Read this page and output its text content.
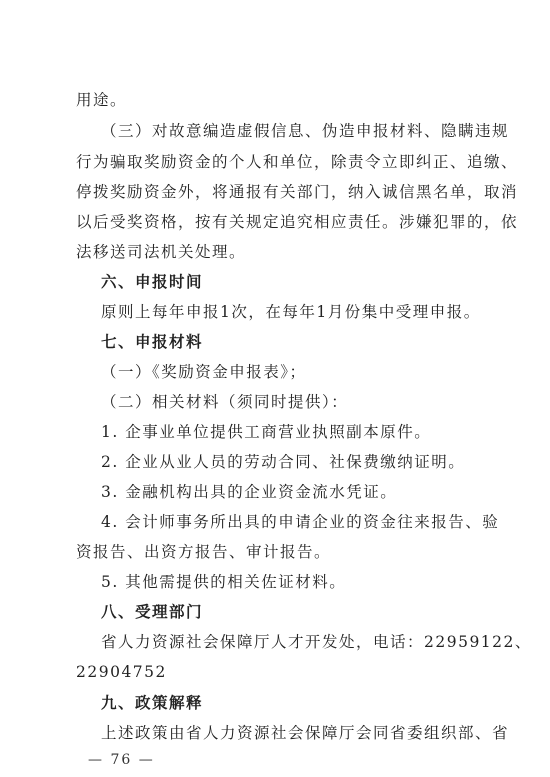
用途。
（三）对故意编造虚假信息、伪造申报材料、隐瞒违规
行为骗取奖励资金的个人和单位，除责令立即纠正、追缴、
停拨奖励资金外，将通报有关部门，纳入诚信黑名单，取消
以后受奖资格，按有关规定追究相应责任。涉嫌犯罪的，依
法移送司法机关处理。
六、申报时间
原则上每年申报1次，在每年1月份集中受理申报。
七、申报材料
（一）《奖励资金申报表》；
（二）相关材料（须同时提供）：
1. 企事业单位提供工商营业执照副本原件。
2. 企业从业人员的劳动合同、社保费缴纳证明。
3. 金融机构出具的企业资金流水凭证。
4. 会计师事务所出具的申请企业的资金往来报告、验
资报告、出资方报告、审计报告。
5. 其他需提供的相关佐证材料。
八、受理部门
省人力资源社会保障厅人才开发处，电话：22959122、
22904752
九、政策解释
上述政策由省人力资源社会保障厅会同省委组织部、省
— 76 —
